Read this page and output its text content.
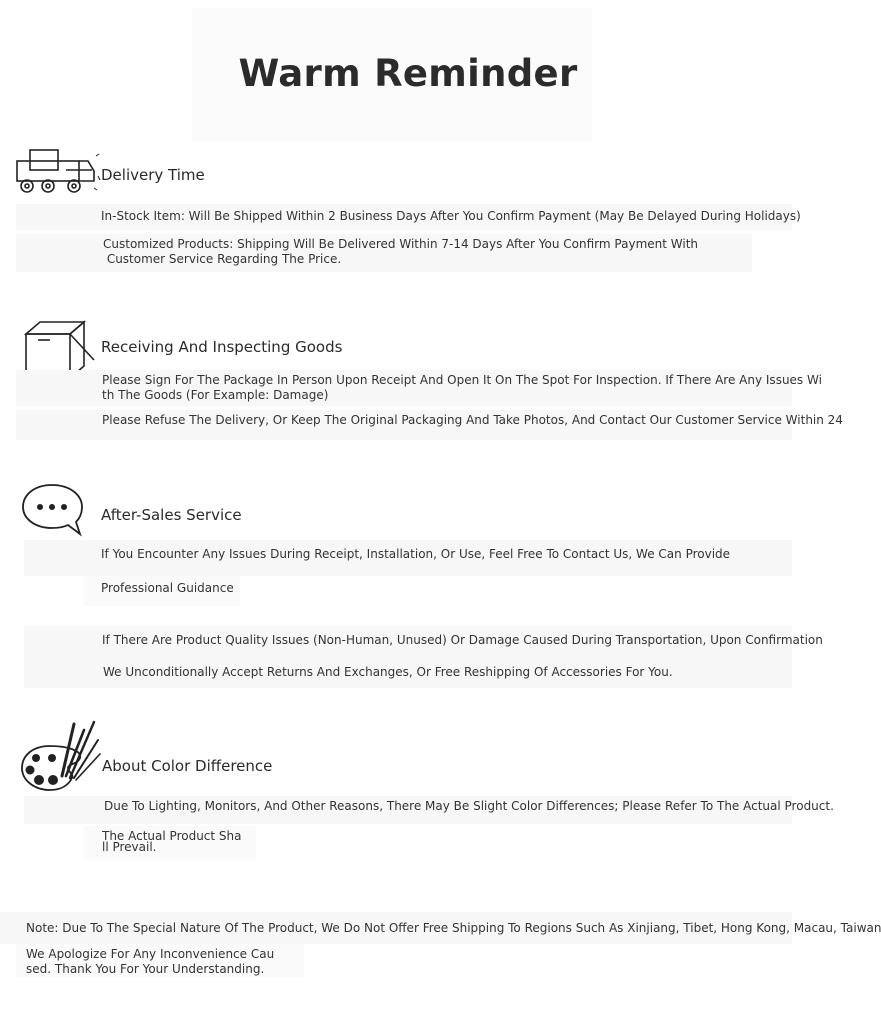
Warm Reminder
Delivery Time
In-Stock Item: Will Be Shipped Within 2 Business Days After You Confirm Payment (May Be Delayed During Holidays)
Customized Products: Shipping Will Be Delivered Within 7-14 Days After You Confirm Payment With
Customer Service Regarding The Price.
Receiving And Inspecting Goods
Please Sign For The Package In Person Upon Receipt And Open It On The Spot For Inspection. If There Are Any Issues Wi
th The Goods (For Example: Damage)
Please Refuse The Delivery, Or Keep The Original Packaging And Take Photos, And Contact Our Customer Service Within 24
After-Sales Service
If You Encounter Any Issues During Receipt, Installation, Or Use, Feel Free To Contact Us, We Can Provide
Professional Guidance
If There Are Product Quality Issues (Non-Human, Unused) Or Damage Caused During Transportation, Upon Confirmation
We Unconditionally Accept Returns And Exchanges, Or Free Reshipping Of Accessories For You.
About Color Difference
Due To Lighting, Monitors, And Other Reasons, There May Be Slight Color Differences; Please Refer To The Actual Product.
The Actual Product Sha
ll Prevail.
Note: Due To The Special Nature Of The Product, We Do Not Offer Free Shipping To Regions Such As Xinjiang, Tibet, Hong Kong, Macau, Taiwan
We Apologize For Any Inconvenience Cau
sed. Thank You For Your Understanding.
